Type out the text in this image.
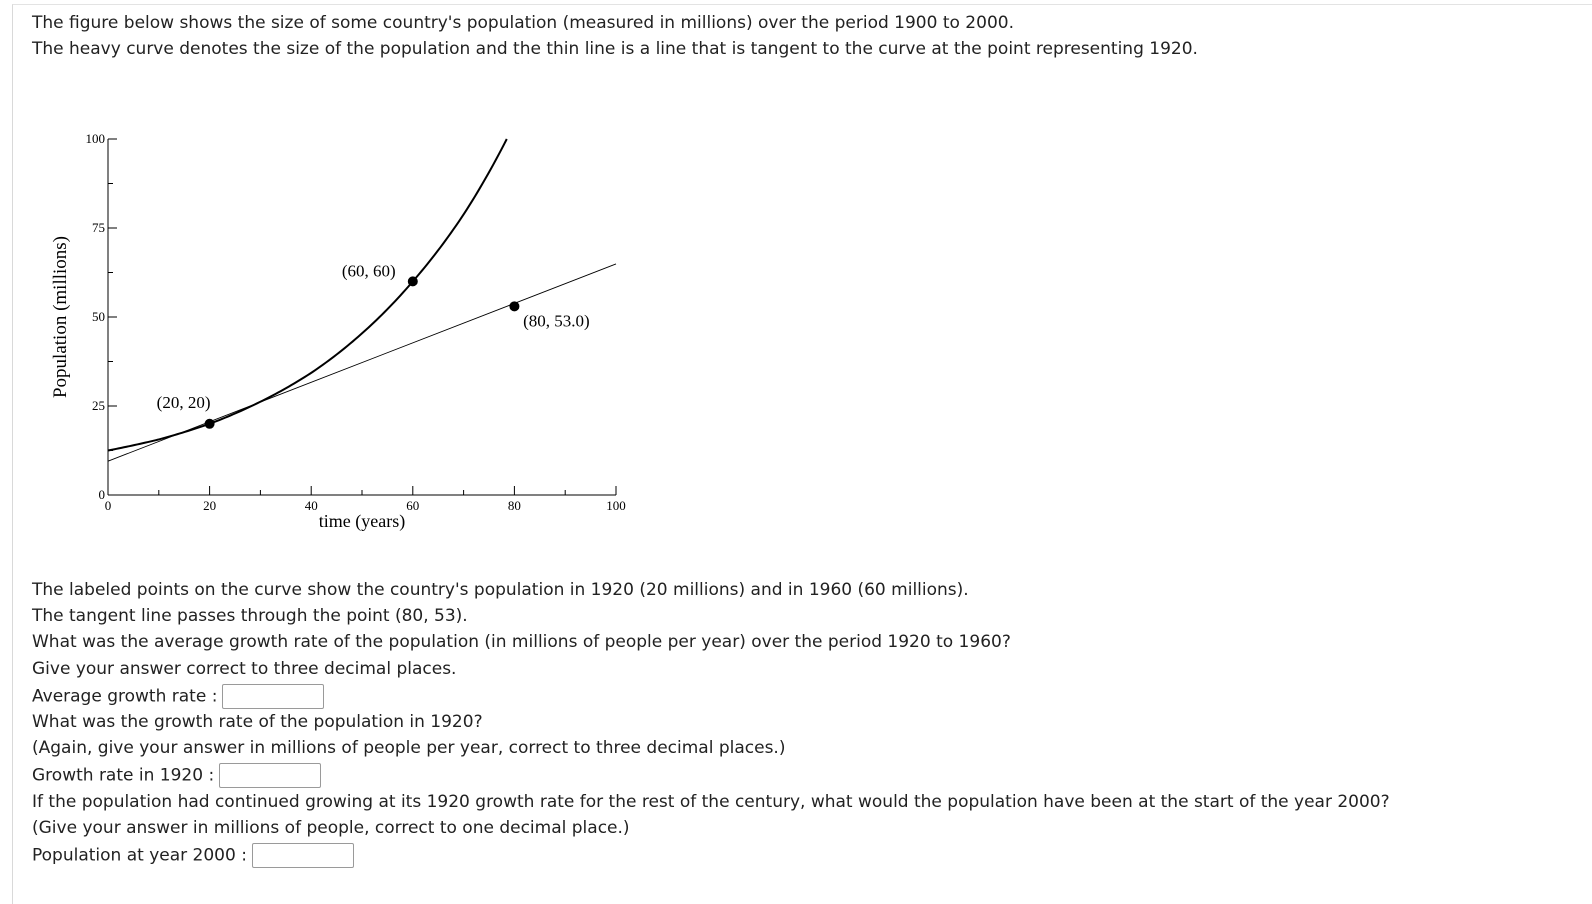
The figure below shows the size of some country's population (measured in millions) over the period 1900 to 2000.
The heavy curve denotes the size of the population and the thin line is a line that is tangent to the curve at the point representing 1920.
0	20	40	60	80	100
0
25
50
75
100
(20, 20)
(60, 60)
(80, 53.0)
time (years)
Population (millions)
The labeled points on the curve show the country's population in 1920 (20 millions) and in 1960 (60 millions).
The tangent line passes through the point (80, 53).
What was the average growth rate of the population (in millions of people per year) over the period 1920 to 1960?
Give your answer correct to three decimal places.
Average growth rate :
What was the growth rate of the population in 1920?
(Again, give your answer in millions of people per year, correct to three decimal places.)
Growth rate in 1920 :
If the population had continued growing at its 1920 growth rate for the rest of the century, what would the population have been at the start of the year 2000?
(Give your answer in millions of people, correct to one decimal place.)
Population at year 2000 :
